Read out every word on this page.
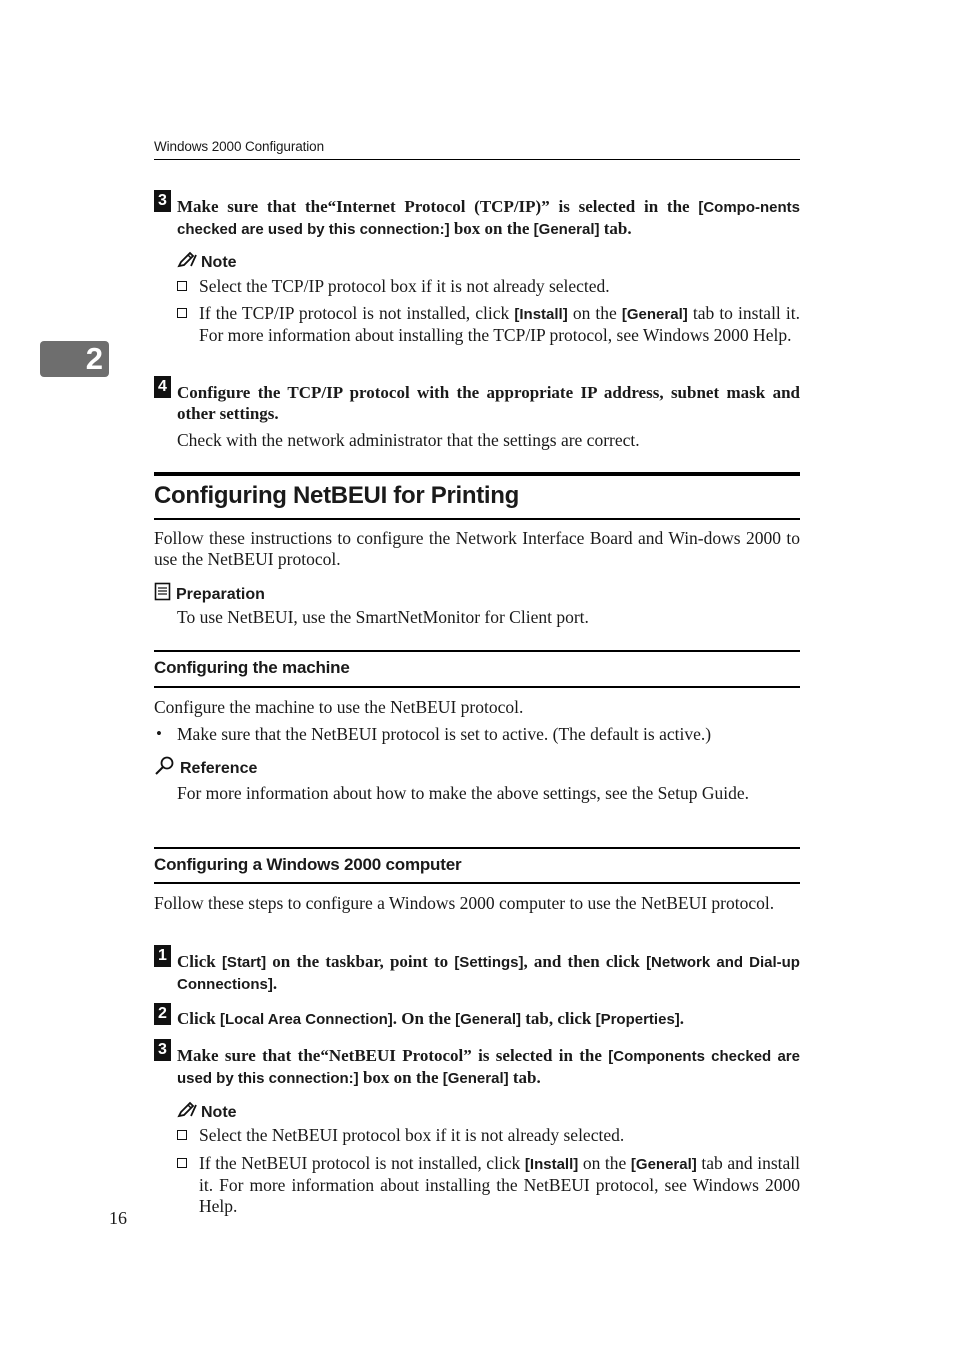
Windows 2000 Configuration
2
3 Make sure that the“Internet Protocol (TCP/IP)” is selected in the [Compo-nents checked are used by this connection:] box on the [General] tab.
Note
Select the TCP/IP protocol box if it is not already selected.
If the TCP/IP protocol is not installed, click [Install] on the [General] tab to install it. For more information about installing the TCP/IP protocol, see Windows 2000 Help.
4 Configure the TCP/IP protocol with the appropriate IP address, subnet mask and other settings.
Check with the network administrator that the settings are correct.
Configuring NetBEUI for Printing
Follow these instructions to configure the Network Interface Board and Win-dows 2000 to use the NetBEUI protocol.
Preparation
To use NetBEUI, use the SmartNetMonitor for Client port.
Configuring the machine
Configure the machine to use the NetBEUI protocol.
• Make sure that the NetBEUI protocol is set to active. (The default is active.)
Reference
For more information about how to make the above settings, see the Setup Guide.
Configuring a Windows 2000 computer
Follow these steps to configure a Windows 2000 computer to use the NetBEUI protocol.
1 Click [Start] on the taskbar, point to [Settings], and then click [Network and Dial-up Connections].
2 Click [Local Area Connection]. On the [General] tab, click [Properties].
3 Make sure that the“NetBEUI Protocol” is selected in the [Components checked are used by this connection:] box on the [General] tab.
Note
Select the NetBEUI protocol box if it is not already selected.
If the NetBEUI protocol is not installed, click [Install] on the [General] tab and install it. For more information about installing the NetBEUI protocol, see Windows 2000 Help.
16
